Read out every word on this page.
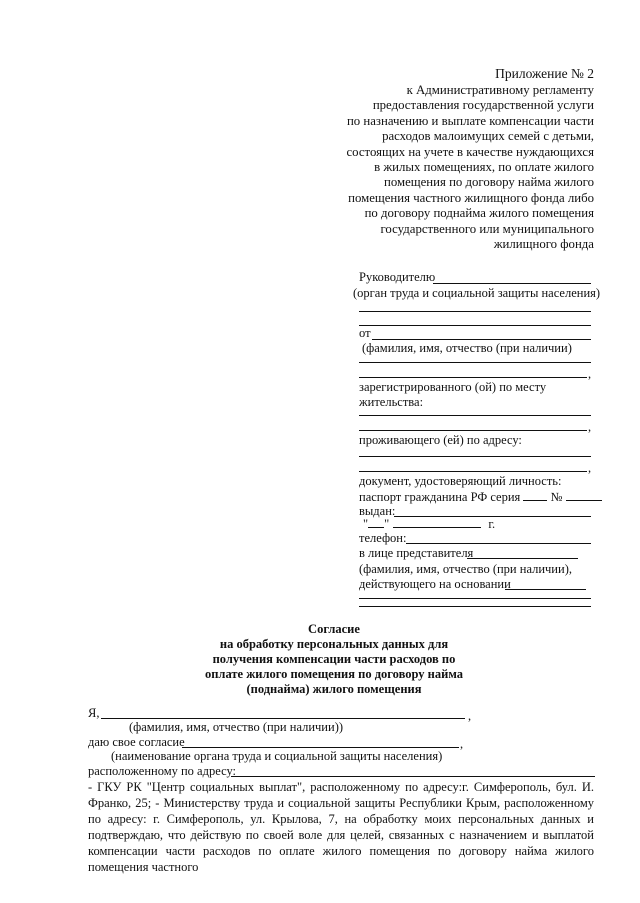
Приложение № 2
к Административному регламенту
предоставления государственной услуги
по назначению и выплате компенсации части
расходов малоимущих семей с детьми,
состоящих на учете в качестве нуждающихся
в жилых помещениях, по оплате жилого
помещения по договору найма жилого
помещения частного жилищного фонда либо
по договору поднайма жилого помещения
государственного или муниципального
жилищного фонда
Руководителю
(орган труда и социальной защиты населения)
от
(фамилия, имя, отчество (при наличии)
,
зарегистрированного (ой) по месту
жительства:
,
проживающего (ей) по адресу:
,
документ, удостоверяющий личность:
паспорт гражданина РФ серия №
выдан:
" "	г.
телефон:
в лице представителя
(фамилия, имя, отчество (при наличии),
действующего на основании
Согласие
на обработку персональных данных для
получения компенсации части расходов по
оплате жилого помещения по договору найма
(поднайма) жилого помещения
Я,	,
(фамилия, имя, отчество (при наличии))
даю свое согласие	,
(наименование органа труда и социальной защиты населения)
расположенному по адресу:
- ГКУ РК "Центр социальных выплат", расположенному по адресу:г. Симферополь, бул. И. Франко, 25; - Министерству труда и социальной защиты Республики Крым, расположенному по адресу: г. Симферополь, ул. Крылова, 7, на обработку моих персональных данных и подтверждаю, что действую по своей воле для целей, связанных с назначением и выплатой компенсации части расходов по оплате жилого помещения по договору найма жилого помещения частного
